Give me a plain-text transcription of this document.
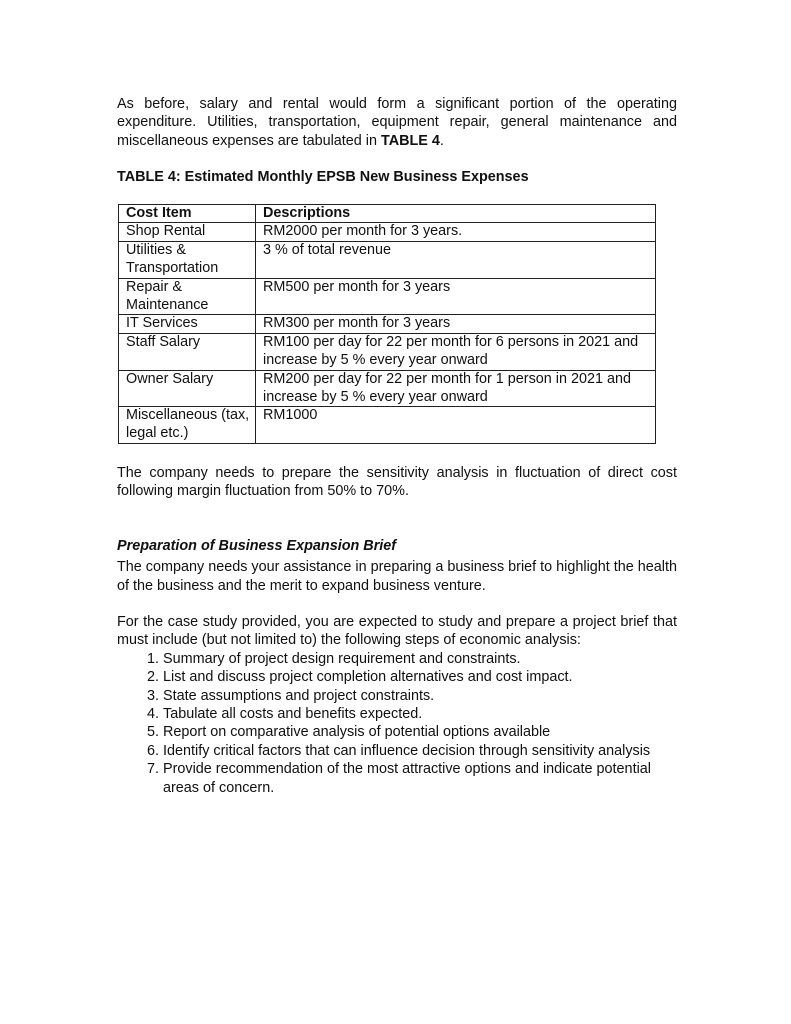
As before, salary and rental would form a significant portion of the operating expenditure. Utilities, transportation, equipment repair, general maintenance and miscellaneous expenses are tabulated in TABLE 4.

TABLE 4: Estimated Monthly EPSB New Business Expenses

Cost Item	Descriptions
Shop Rental	RM2000 per month for 3 years.
Utilities & Transportation	3 % of total revenue
Repair & Maintenance	RM500 per month for 3 years
IT Services	RM300 per month for 3 years
Staff Salary	RM100 per day for 22 per month for 6 persons in 2021 and increase by 5 % every year onward
Owner Salary	RM200 per day for 22 per month for 1 person in 2021 and increase by 5 % every year onward
Miscellaneous (tax, legal etc.)	RM1000

The company needs to prepare the sensitivity analysis in fluctuation of direct cost following margin fluctuation from 50% to 70%.

Preparation of Business Expansion Brief

The company needs your assistance in preparing a business brief to highlight the health of the business and the merit to expand business venture.

For the case study provided, you are expected to study and prepare a project brief that must include (but not limited to) the following steps of economic analysis:

1. Summary of project design requirement and constraints.
2. List and discuss project completion alternatives and cost impact.
3. State assumptions and project constraints.
4. Tabulate all costs and benefits expected.
5. Report on comparative analysis of potential options available
6. Identify critical factors that can influence decision through sensitivity analysis
7. Provide recommendation of the most attractive options and indicate potential areas of concern.
